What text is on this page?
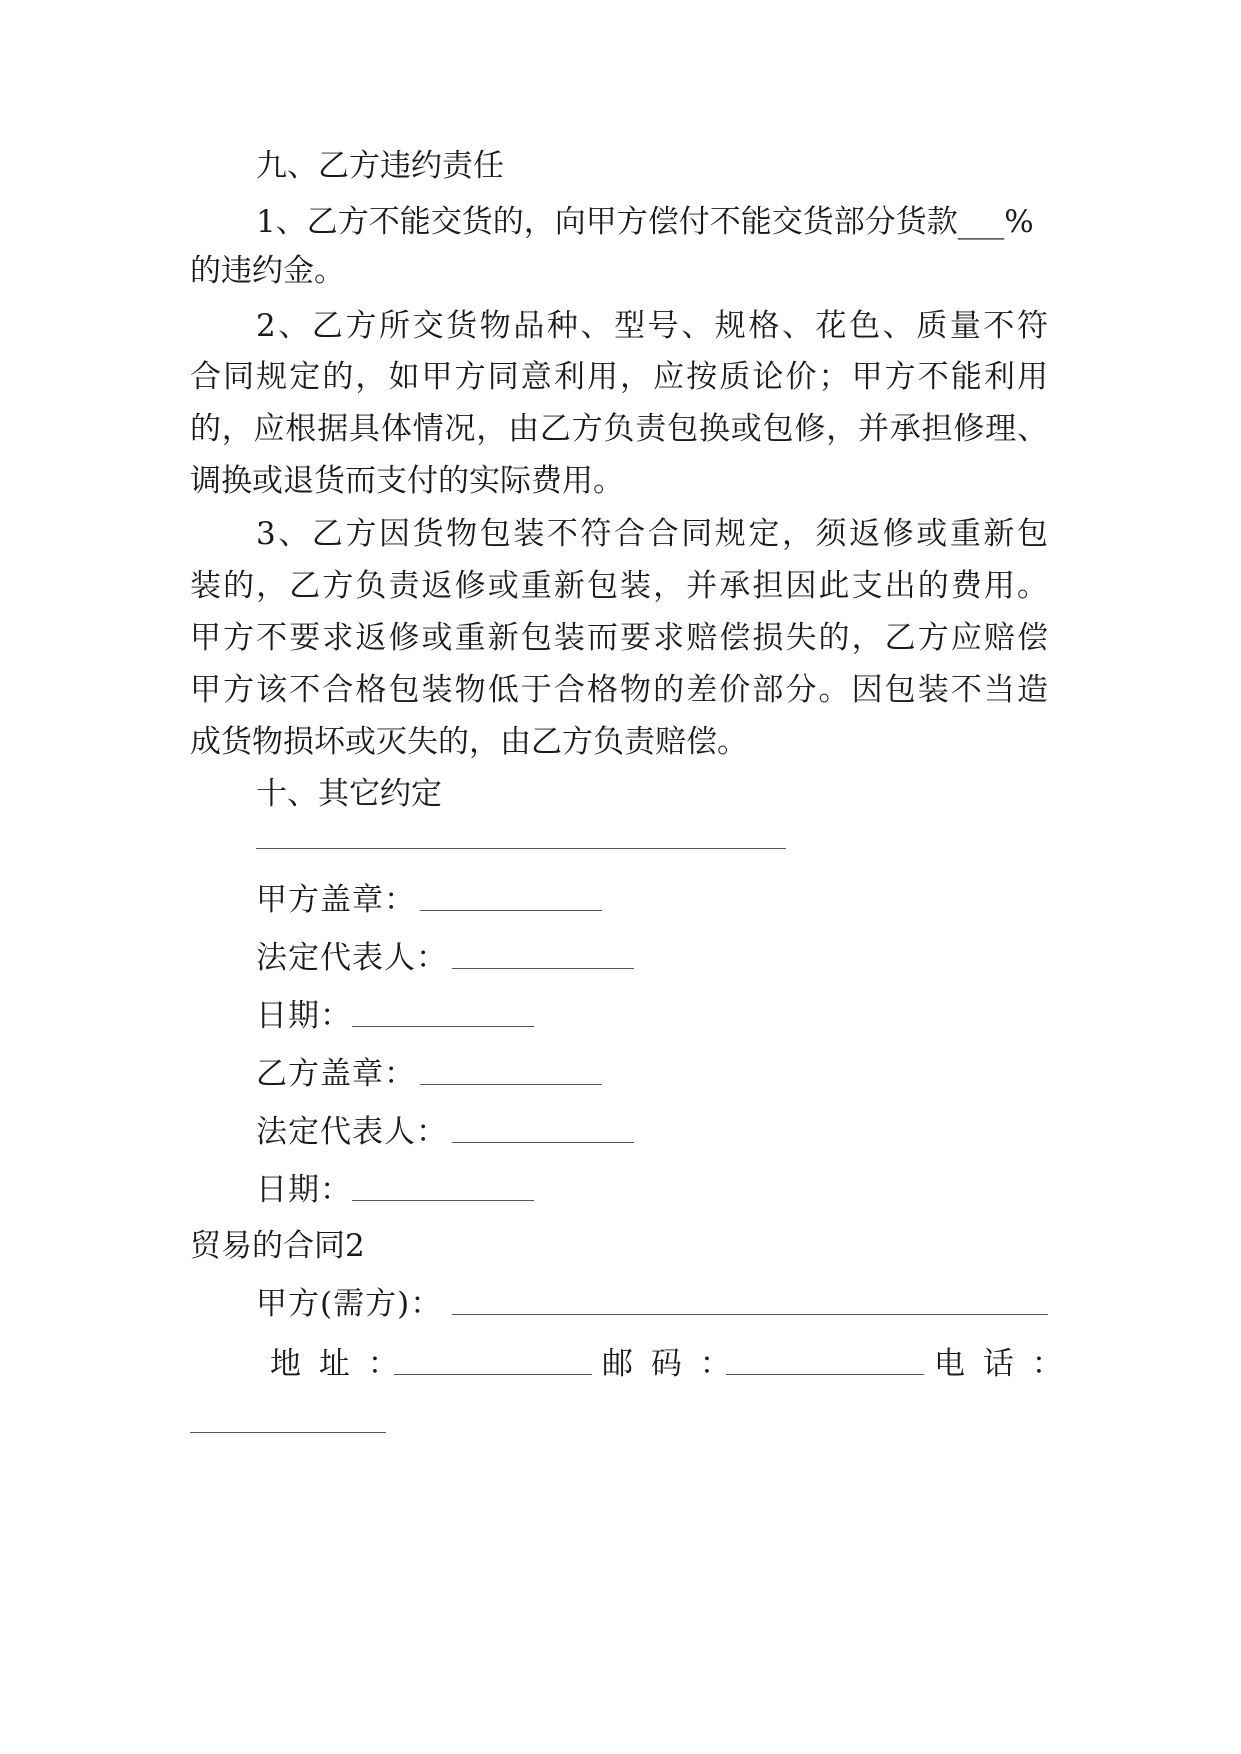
九、乙方违约责任
1、乙方不能交货的，向甲方偿付不能交货部分货款___%
的违约金。
2、乙方所交货物品种、型号、规格、花色、质量不符
合同规定的，如甲方同意利用，应按质论价；甲方不能利用
的，应根据具体情况，由乙方负责包换或包修，并承担修理、
调换或退货而支付的实际费用。
3、乙方因货物包装不符合合同规定，须返修或重新包
装的，乙方负责返修或重新包装，并承担因此支出的费用。
甲方不要求返修或重新包装而要求赔偿损失的，乙方应赔偿
甲方该不合格包装物低于合格物的差价部分。因包装不当造
成货物损坏或灭失的，由乙方负责赔偿。
十、其它约定
甲方盖章：
法定代表人：
日期：
乙方盖章：
法定代表人：
日期：
贸易的合同2
甲方(需方)：
地 址 ：	邮 码 ：	电 话 ：
